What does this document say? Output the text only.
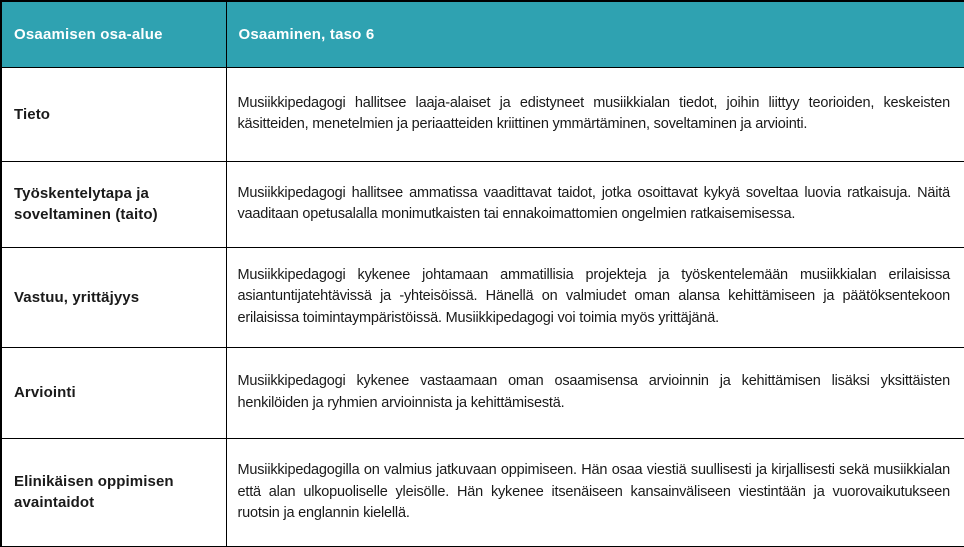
Osaamisen osa-alue	Osaaminen, taso 6
Tieto	Musiikkipedagogi hallitsee laaja-alaiset ja edistyneet musiikkialan tiedot, joihin liittyy teorioiden, keskeisten käsitteiden, menetelmien ja periaatteiden kriittinen ymmärtäminen, soveltaminen ja arviointi.
Työskentelytapa ja soveltaminen (taito)	Musiikkipedagogi hallitsee ammatissa vaadittavat taidot, jotka osoittavat kykyä soveltaa luovia ratkaisuja. Näitä vaaditaan opetusalalla monimutkaisten tai ennakoimattomien ongelmien ratkaisemisessa.
Vastuu, yrittäjyys	Musiikkipedagogi kykenee johtamaan ammatillisia projekteja ja työskentelemään musiikkialan erilaisissa asiantuntijatehtävissä ja -yhteisöissä. Hänellä on valmiudet oman alansa kehittämiseen ja päätöksentekoon erilaisissa toimintaympäristöissä. Musiikkipedagogi voi toimia myös yrittäjänä.
Arviointi	Musiikkipedagogi kykenee vastaamaan oman osaamisensa arvioinnin ja kehittämisen lisäksi yksittäisten henkilöiden ja ryhmien arvioinnista ja kehittämisestä.
Elinikäisen oppimisen avaintaidot	Musiikkipedagogilla on valmius jatkuvaan oppimiseen. Hän osaa viestiä suullisesti ja kirjallisesti sekä musiikkialan että alan ulkopuoliselle yleisölle. Hän kykenee itsenäiseen kansainväliseen viestintään ja vuorovaikutukseen ruotsin ja englannin kielellä.
